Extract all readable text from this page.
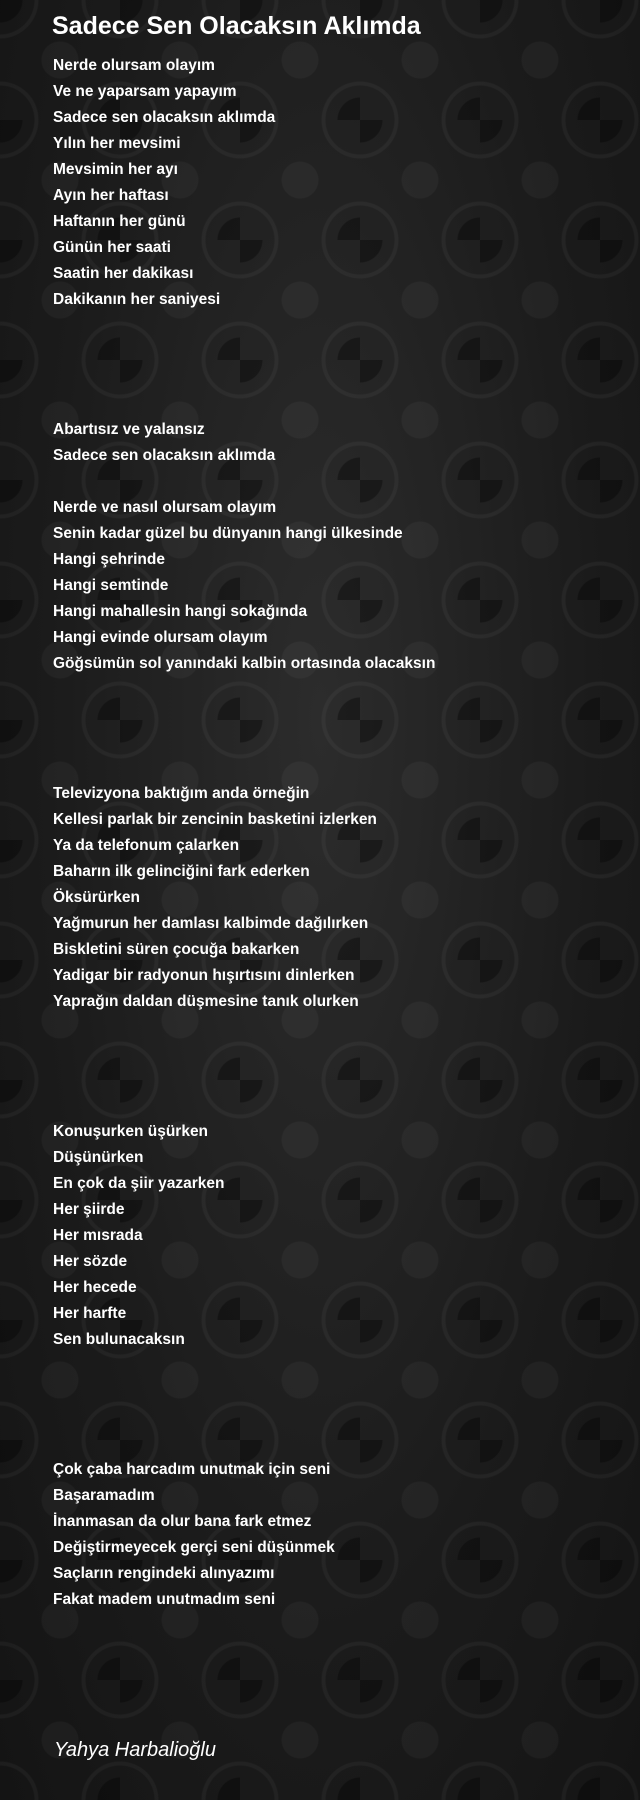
Sadece Sen Olacaksın Aklımda
Nerde olursam olayım
Ve ne yaparsam yapayım
Sadece sen olacaksın aklımda
Yılın her mevsimi
Mevsimin her ayı
Ayın her haftası
Haftanın her günü
Günün her saati
Saatin her dakikası
Dakikanın her saniyesi
Abartısız ve yalansız
Sadece sen olacaksın aklımda
Nerde ve nasıl olursam olayım
Senin kadar güzel bu dünyanın hangi ülkesinde
Hangi şehrinde
Hangi semtinde
Hangi mahallesin hangi sokağında
Hangi evinde olursam olayım
Göğsümün sol yanındaki kalbin ortasında olacaksın
Televizyona baktığım anda örneğin
Kellesi parlak bir zencinin basketini izlerken
Ya da telefonum çalarken
Baharın ilk gelinciğini fark ederken
Öksürürken
Yağmurun her damlası kalbimde dağılırken
Biskletini süren çocuğa bakarken
Yadigar bir radyonun hışırtısını dinlerken
Yaprağın daldan düşmesine tanık olurken
Konuşurken üşürken
Düşünürken
En çok da şiir yazarken
Her şiirde
Her mısrada
Her sözde
Her hecede
Her harfte
Sen bulunacaksın
Çok çaba harcadım unutmak için seni
Başaramadım
İnanmasan da olur bana fark etmez
Değiştirmeyecek gerçi seni düşünmek
Saçların rengindeki alınyazımı
Fakat madem unutmadım seni
Yahya Harbalioğlu
